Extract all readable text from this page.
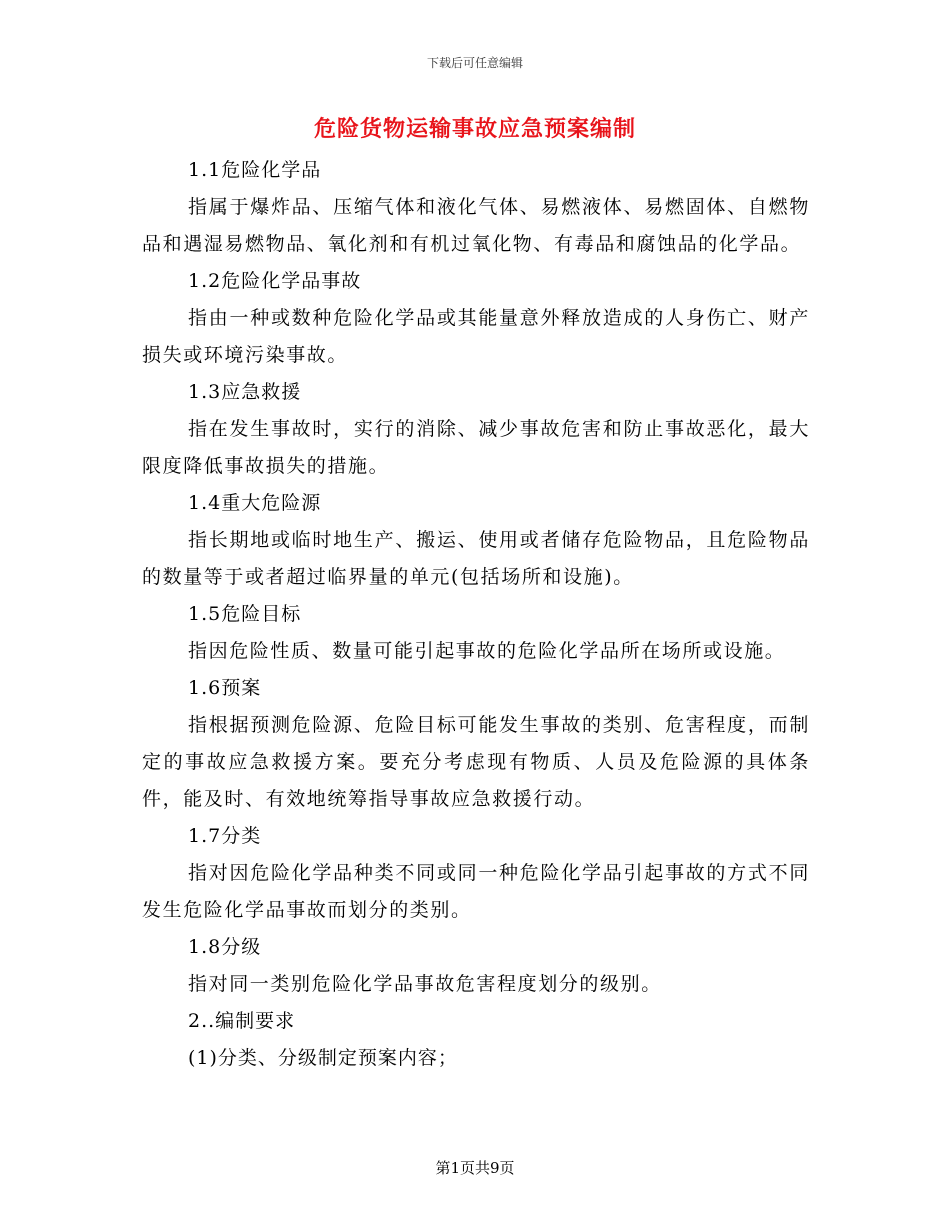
下载后可任意编辑
危险货物运输事故应急预案编制

1.1危险化学品

指属于爆炸品、压缩气体和液化气体、易燃液体、易燃固体、自燃物品和遇湿易燃物品、氧化剂和有机过氧化物、有毒品和腐蚀品的化学品。

1.2危险化学品事故

指由一种或数种危险化学品或其能量意外释放造成的人身伤亡、财产损失或环境污染事故。

1.3应急救援

指在发生事故时，实行的消除、减少事故危害和防止事故恶化，最大限度降低事故损失的措施。

1.4重大危险源

指长期地或临时地生产、搬运、使用或者储存危险物品，且危险物品的数量等于或者超过临界量的单元(包括场所和设施)。

1.5危险目标

指因危险性质、数量可能引起事故的危险化学品所在场所或设施。

1.6预案

指根据预测危险源、危险目标可能发生事故的类别、危害程度，而制定的事故应急救援方案。要充分考虑现有物质、人员及危险源的具体条件，能及时、有效地统筹指导事故应急救援行动。

1.7分类

指对因危险化学品种类不同或同一种危险化学品引起事故的方式不同发生危险化学品事故而划分的类别。

1.8分级

指对同一类别危险化学品事故危害程度划分的级别。

2..编制要求

(1)分类、分级制定预案内容；

第1页共9页
